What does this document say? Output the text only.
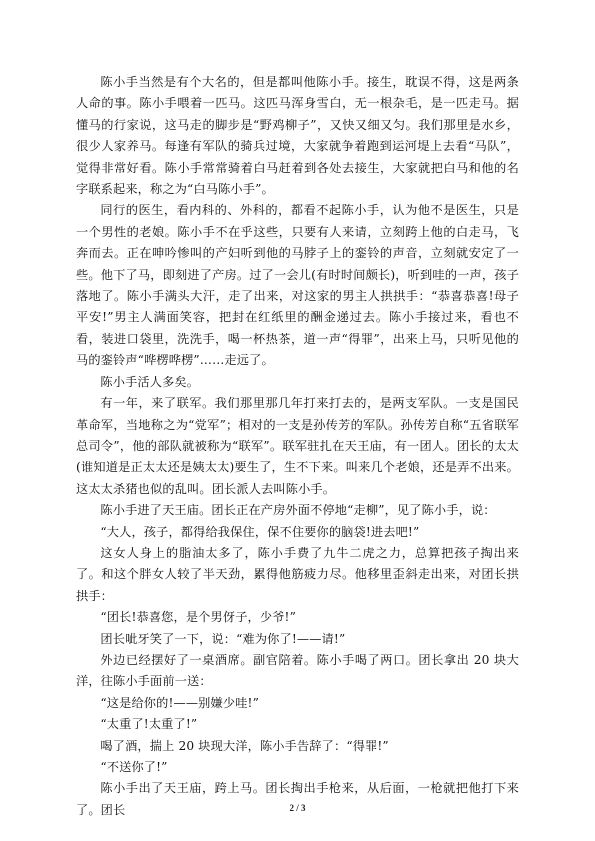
陈小手当然是有个大名的，但是都叫他陈小手。接生，耽误不得，这是两条人命的事。陈小手喂着一匹马。这匹马浑身雪白，无一根杂毛，是一匹走马。据懂马的行家说，这马走的脚步是“野鸡柳子”，又快又细又匀。我们那里是水乡，很少人家养马。每逢有军队的骑兵过境，大家就争着跑到运河堤上去看“马队”，觉得非常好看。陈小手常常骑着白马赶着到各处去接生，大家就把白马和他的名字联系起来，称之为“白马陈小手”。

同行的医生，看内科的、外科的，都看不起陈小手，认为他不是医生，只是一个男性的老娘。陈小手不在乎这些，只要有人来请，立刻跨上他的白走马，飞奔而去。正在呻吟惨叫的产妇听到他的马脖子上的銮铃的声音，立刻就安定了一些。他下了马，即刻进了产房。过了一会儿(有时时间颇长)，听到哇的一声，孩子落地了。陈小手满头大汗，走了出来，对这家的男主人拱拱手：“恭喜恭喜!母子平安!”男主人满面笑容，把封在红纸里的酬金递过去。陈小手接过来，看也不看，装进口袋里，洗洗手，喝一杯热茶，道一声“得罪”，出来上马，只听见他的马的銮铃声“哗楞哗楞”……走远了。

陈小手活人多矣。

有一年，来了联军。我们那里那几年打来打去的，是两支军队。一支是国民革命军，当地称之为“党军”；相对的一支是孙传芳的军队。孙传芳自称“五省联军总司令”，他的部队就被称为“联军”。联军驻扎在天王庙，有一团人。团长的太太(谁知道是正太太还是姨太太)要生了，生不下来。叫来几个老娘，还是弄不出来。这太太杀猪也似的乱叫。团长派人去叫陈小手。

陈小手进了天王庙。团长正在产房外面不停地“走柳”，见了陈小手，说：

“大人，孩子，都得给我保住，保不住要你的脑袋!进去吧!”

这女人身上的脂油太多了，陈小手费了九牛二虎之力，总算把孩子掏出来了。和这个胖女人较了半天劲，累得他筋疲力尽。他移里歪斜走出来，对团长拱拱手：

“团长!恭喜您，是个男伢子，少爷!”

团长呲牙笑了一下，说：“难为你了!——请!”

外边已经摆好了一桌酒席。副官陪着。陈小手喝了两口。团长拿出 20 块大洋，往陈小手面前一送：

“这是给你的!——别嫌少哇!”

“太重了!太重了!”

喝了酒，揣上 20 块现大洋，陈小手告辞了：“得罪!”

“不送你了!”

陈小手出了天王庙，跨上马。团长掏出手枪来，从后面，一枪就把他打下来了。团长	2 / 3
